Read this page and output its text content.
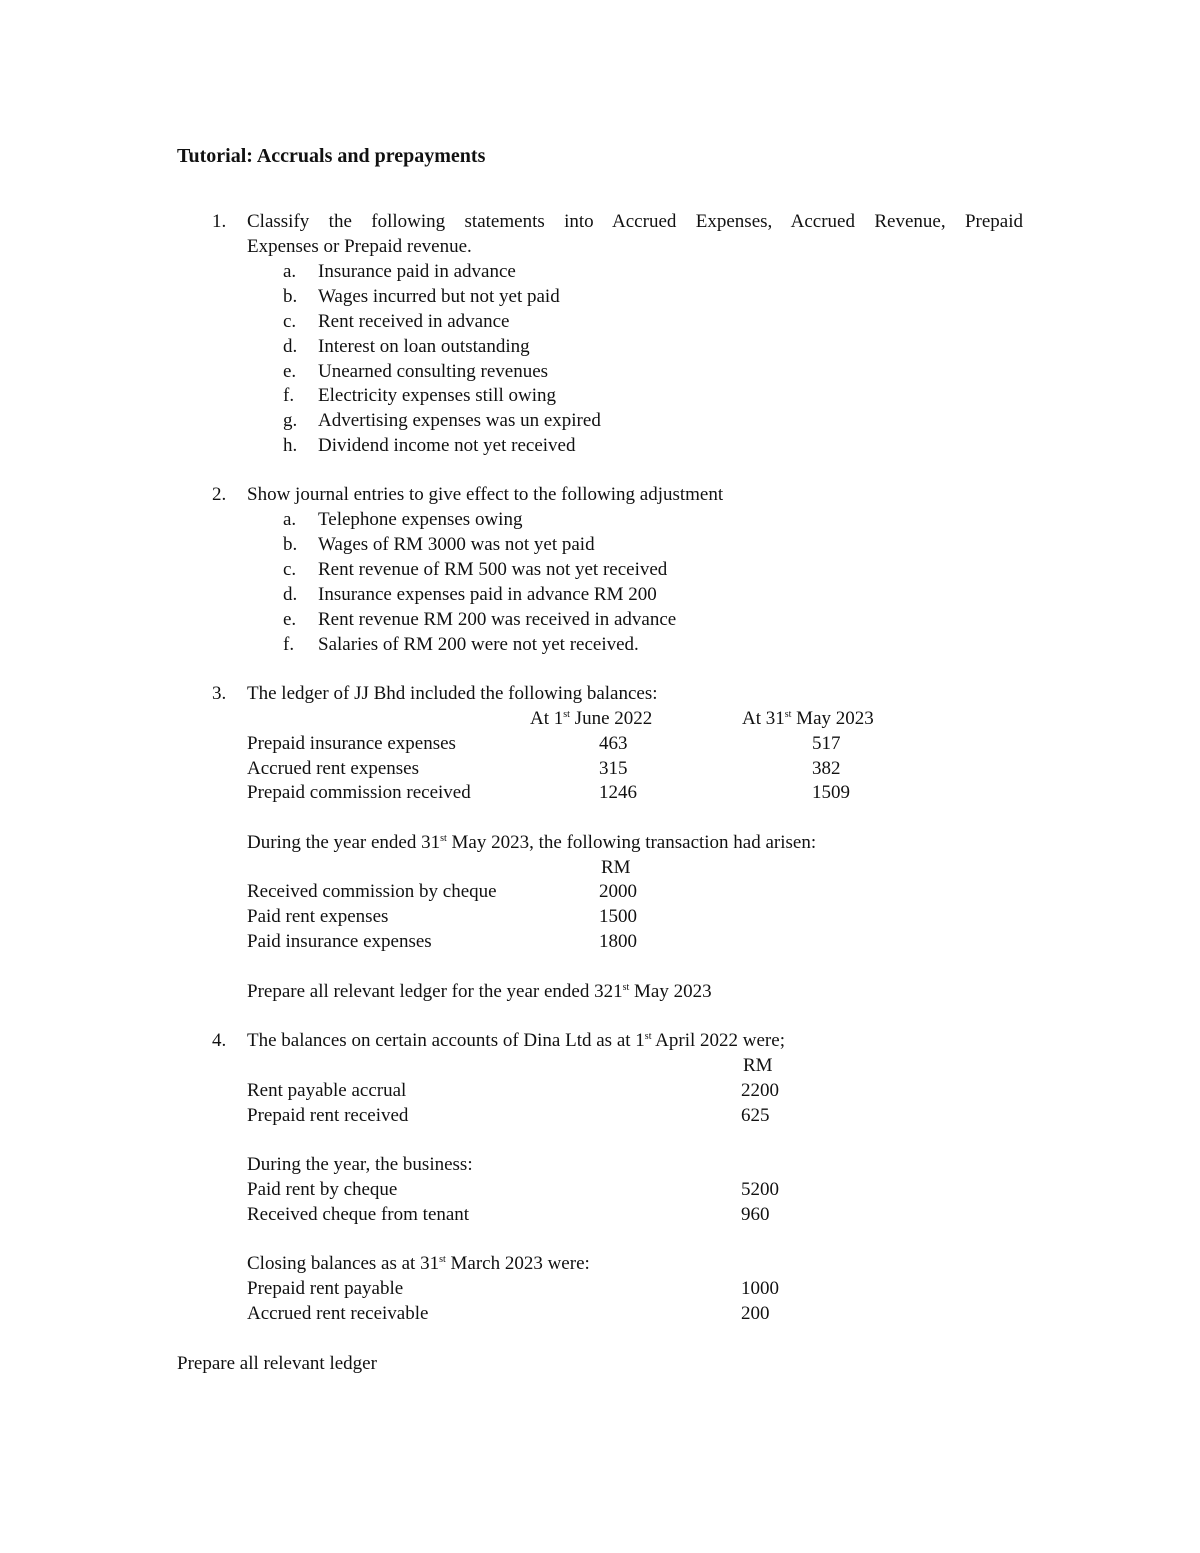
Tutorial: Accruals and prepayments
1. Classify the following statements into Accrued Expenses, Accrued Revenue, Prepaid
Expenses or Prepaid revenue.
a. Insurance paid in advance
b. Wages incurred but not yet paid
c. Rent received in advance
d. Interest on loan outstanding
e. Unearned consulting revenues
f. Electricity expenses still owing
g. Advertising expenses was un expired
h. Dividend income not yet received
2. Show journal entries to give effect to the following adjustment
a. Telephone expenses owing
b. Wages of RM 3000 was not yet paid
c. Rent revenue of RM 500 was not yet received
d. Insurance expenses paid in advance RM 200
e. Rent revenue RM 200 was received in advance
f. Salaries of RM 200 were not yet received.
3. The ledger of JJ Bhd included the following balances:
At 1st June 2022	At 31st May 2023
Prepaid insurance expenses	463	517
Accrued rent expenses	315	382
Prepaid commission received	1246	1509
During the year ended 31st May 2023, the following transaction had arisen:
RM
Received commission by cheque	2000
Paid rent expenses	1500
Paid insurance expenses	1800
Prepare all relevant ledger for the year ended 321st May 2023
4. The balances on certain accounts of Dina Ltd as at 1st April 2022 were;
RM
Rent payable accrual	2200
Prepaid rent received	625
During the year, the business:
Paid rent by cheque	5200
Received cheque from tenant	960
Closing balances as at 31st March 2023 were:
Prepaid rent payable	1000
Accrued rent receivable	200
Prepare all relevant ledger
